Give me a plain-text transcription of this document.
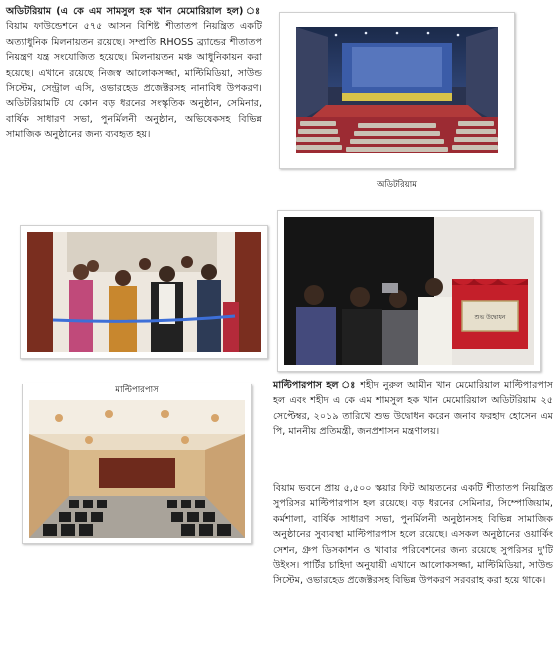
অডিটরিয়াম (এ কে এম সামসুল হক খান মেমোরিয়াল হল) ঃ বিয়াম ফাউন্ডেশনে ৫৭৫ আসন বিশিষ্ট শীতাতপ নিয়ন্ত্রিত একটি অত্যাধুনিক মিলনায়তন রয়েছে। সম্প্রতি RHOSS ব্র্যান্ডের শীতাতপ নিয়ন্ত্রণ যন্ত্র সংযোজিত হয়েছে। মিলনায়তন মঞ্চ আধুনিকায়ন করা হয়েছে। এখানে রয়েছে নিজস্ব আলোকসজ্জা, মাল্টিমিডিয়া, সাউন্ড সিস্টেম, সেন্ট্রাল এসি, ওভারহেড প্রজেক্টরসহ নানাবিধ উপকরণ। অডিটরিয়ামটি যে কোন বড় ধরনের সংস্কৃতিক অনুষ্ঠান, সেমিনার, বার্ষিক সাধারণ সভা, পুনর্মিলনী অনুষ্ঠান, অভিষেকসহ বিভিন্ন সামাজিক অনুষ্ঠানের জন্য ব্যবহৃত হয়।

অডিটরিয়াম
শুভ উদ্বোধন
মাল্টিপারপাস	মাল্টিপারপাস হল ঃ শহীদ নুরুল আমীন খান মেমোরিয়াল মাল্টিপারপাস হল এবং শহীদ এ কে এম শামসুল হক খান মেমোরিয়াল অডিটরিয়াম ২৫ সেপ্টেম্বর, ২০১৯ তারিখে শুভ উদ্বোধন করেন জনাব ফরহাদ হোসেন এম পি, মাননীয় প্রতিমন্ত্রী, জনপ্রশাসন মন্ত্রণালয়।

বিয়াম ভবনে প্রায় ৫,৫০০ স্কয়ার ফিট আয়তনের একটি শীতাতপ নিয়ন্ত্রিত সুপরিসর মাল্টিপারপাস হল রয়েছে। বড় ধরনের সেমিনার, সিম্পোজিয়াম, কর্মশালা, বার্ষিক সাধারণ সভা, পুনর্মিলনী অনুষ্ঠানসহ বিভিন্ন সামাজিক অনুষ্ঠানের সুব্যবস্থা মাল্টিপারপাস হলে রয়েছে। এসকল অনুষ্ঠানের ওয়ার্কিং সেশন, গ্রুপ ডিসকাশন ও খাবার পরিবেশনের জন্য রয়েছে সুপরিসর দু'টি উইংস। পার্টির চাহিদা অনুযায়ী এখানে আলোকসজ্জা, মাল্টিমিডিয়া, সাউন্ড সিস্টেম, ওভারহেড প্রজেক্টরসহ বিভিন্ন উপকরণ সরবরাহ করা হয়ে থাকে।
